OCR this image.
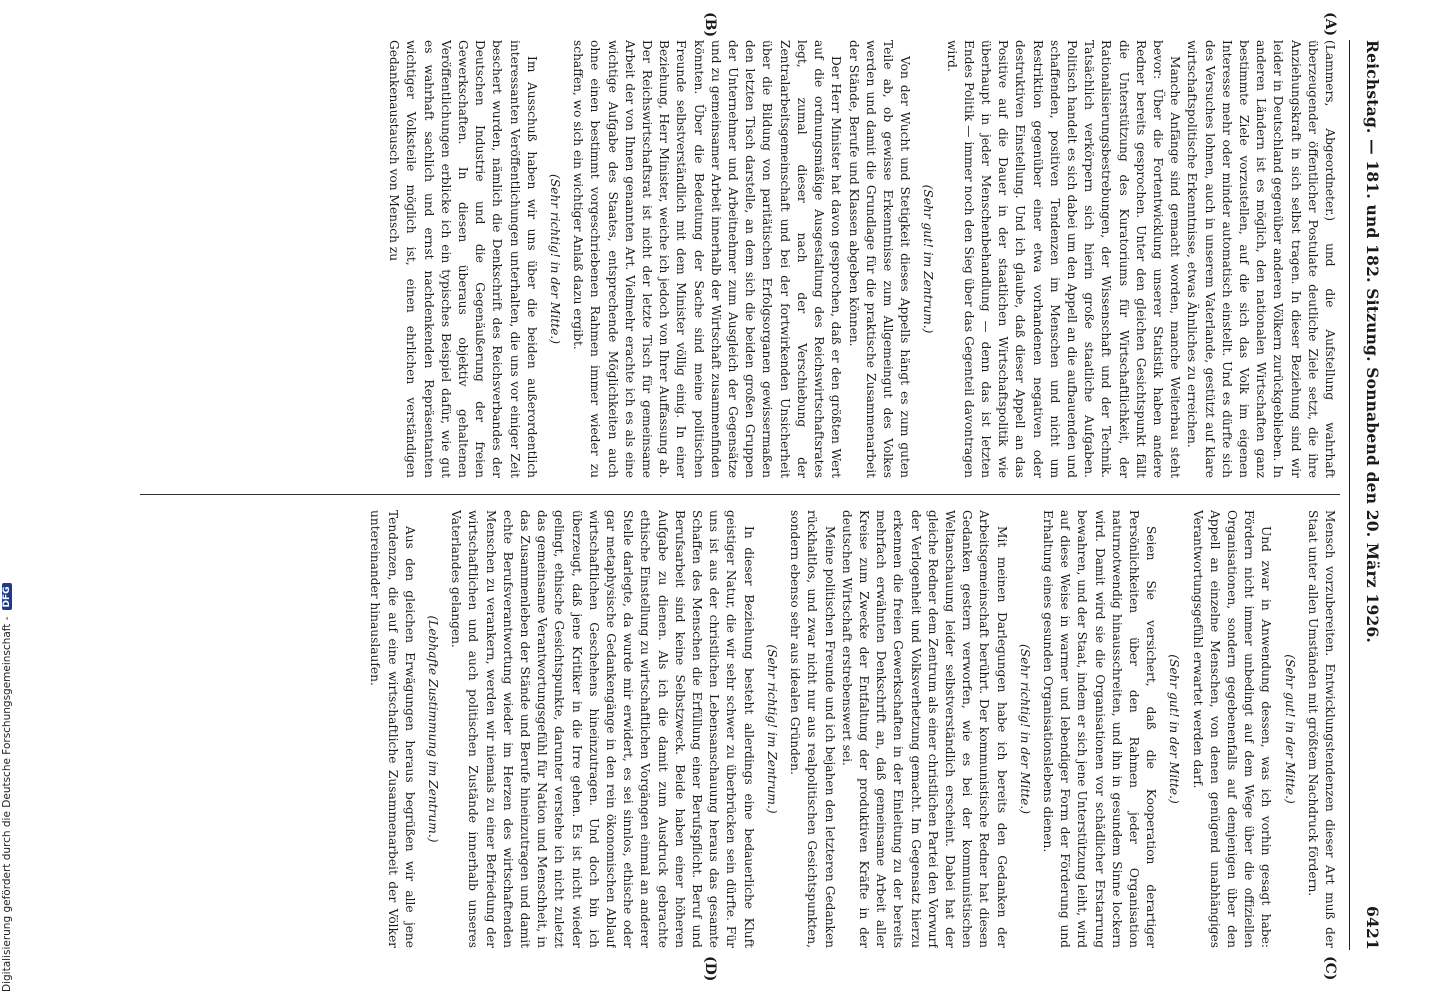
Reichstag. — 181. und 182. Sitzung. Sonnabend den 20. März 1926.
6421
(A)
(B)
(C)
(D)

(Lammers, Abgeordneter.) und die Aufstellung wahrhaft überzeugender öffentlicher Postulate deutliche Ziele setzt, die ihre Anziehungskraft in sich selbst tragen. In dieser Beziehung sind wir leider in Deutschland gegenüber anderen Völkern zurückgeblieben. In anderen Ländern ist es möglich, den nationalen Wirtschaften ganz bestimmte Ziele vorzustellen, auf die sich das Volk im eigenen Interesse mehr oder minder automatisch einstellt. Und es dürfte sich des Versuches lohnen, auch in unserem Vaterlande, gestützt auf klare wirtschaftspolitische Erkenntnisse, etwas Ähnliches zu erreichen.

Manche Anfänge sind gemacht worden, manche Weiterbau steht bevor: Über die Fortentwicklung unserer Statistik haben andere Redner bereits gesprochen. Unter den gleichen Gesichtspunkt fällt die Unterstützung des Kuratoriums für Wirtschaftlichkeit, der Rationalisierungsbestrebungen, der Wissenschaft und der Technik. Tatsächlich verkörpern sich hierin große staatliche Aufgaben. Politisch handelt es sich dabei um den Appell an die aufbauenden und schaffenden, positiven Tendenzen im Menschen und nicht um Restriktion gegenüber einer etwa vorhandenen negativen oder destruktiven Einstellung. Und ich glaube, daß dieser Appell an das Positive auf die Dauer in der staatlichen Wirtschaftspolitik wie überhaupt in jeder Menschenbehandlung — denn das ist letzten Endes Politik — immer noch den Sieg über das Gegenteil davontragen wird.

(Sehr gut! im Zentrum.)

Von der Wucht und Stetigkeit dieses Appells hängt es zum guten Teile ab, ob gewisse Erkenntnisse zum Allgemeingut des Volkes werden und damit die Grundlage für die praktische Zusammenarbeit der Stände, Berufe und Klassen abgeben können.

Der Herr Minister hat davon gesprochen, daß er den größten Wert auf die ordnungsmäßige Ausgestaltung des Reichswirtschaftsrates legt, zumal dieser nach der Verschiebung der Zentralarbeitsgemeinschaft und bei der fortwirkenden Unsicherheit über die Bildung von paritätischen Erfolgsorganen gewissermaßen den letzten Tisch darstelle, an dem sich die beiden großen Gruppen der Unternehmer und Arbeitnehmer zum Ausgleich der Gegensätze und zu gemeinsamer Arbeit innerhalb der Wirtschaft zusammenfinden könnten. Über die Bedeutung der Sache sind meine politischen Freunde selbstverständlich mit dem Minister völlig einig. In einer Beziehung, Herr Minister, weiche ich jedoch von Ihrer Auffassung ab. Der Reichswirtschaftsrat ist nicht der letzte Tisch für gemeinsame Arbeit der von Ihnen genannten Art. Vielmehr erachte ich es als eine wichtige Aufgabe des Staates, entsprechende Möglichkeiten auch ohne einen bestimmt vorgeschriebenen Rahmen immer wieder zu schaffen, wo sich ein wichtiger Anlaß dazu ergibt.

(Sehr richtig! in der Mitte.)

Im Ausschuß haben wir uns über die beiden außerordentlich interessanten Veröffentlichungen unterhalten, die uns vor einiger Zeit beschert wurden, nämlich die Denkschrift des Reichsverbandes der Deutschen Industrie und die Gegenäußerung der freien Gewerkschaften. In diesen überaus objektiv gehaltenen Veröffentlichungen erblicke ich ein typisches Beispiel dafür, wie gut es wahrhaft sachlich und ernst nachdenkenden Repräsentanten wichtiger Volksteile möglich ist, einen ehrlichen verständigen Gedankenaustausch von Mensch zu

Mensch vorzubereiten. Entwicklungstendenzen dieser Art muß der Staat unter allen Umständen mit größtem Nachdruck fördern.

(Sehr gut! in der Mitte.)

Und zwar in Anwendung dessen, was ich vorhin gesagt habe: Fördern nicht immer unbedingt auf dem Wege über die offiziellen Organisationen, sondern gegebenenfalls auf demjenigen über den Appell an einzelne Menschen, von denen genügend unabhängiges Verantwortungsgefühl erwartet werden darf.

(Sehr gut! in der Mitte.)

Seien Sie versichert, daß die Kooperation derartiger Persönlichkeiten über den Rahmen jeder Organisation naturnotwendig hinausschreiten, und ihn in gesundem Sinne lockern wird. Damit wird sie die Organisationen vor schädlicher Erstarrung bewahren, und der Staat, indem er sich jene Unterstützung leiht, wird auf diese Weise in warmer und lebendiger Form der Förderung und Erhaltung eines gesunden Organisationslebens dienen.

(Sehr richtig! in der Mitte.)

Mit meinen Darlegungen habe ich bereits den Gedanken der Arbeitsgemeinschaft berührt. Der kommunistische Redner hat diesen Gedanken gestern verworfen, wie es bei der kommunistischen Weltanschauung leider selbstverständlich erscheint. Dabei hat der gleiche Redner dem Zentrum als einer christlichen Partei den Vorwurf der Verlogenheit und Volksverhetzung gemacht. Im Gegensatz hierzu erkennen die freien Gewerkschaften in der Einleitung zu der bereits mehrfach erwähnten Denkschrift an, daß gemeinsame Arbeit aller Kreise zum Zwecke der Entfaltung der produktiven Kräfte in der deutschen Wirtschaft erstrebenswert sei.

Meine politischen Freunde und ich bejahen den letzteren Gedanken rückhaltlos, und zwar nicht nur aus realpolitischen Gesichtspunkten, sondern ebenso sehr aus idealen Gründen.

(Sehr richtig! im Zentrum.)

In dieser Beziehung besteht allerdings eine bedauerliche Kluft geistiger Natur, die wir sehr schwer zu überbrücken sein dürfte. Für uns ist aus der christlichen Lebensanschauung heraus das gesamte Schaffen des Menschen die Erfüllung einer Berufspflicht. Beruf und Berufsarbeit sind keine Selbstzweck. Beide haben einer höheren Aufgabe zu dienen. Als ich die damit zum Ausdruck gebrachte ethische Einstellung zu wirtschaftlichen Vorgängen einmal an anderer Stelle darlegte, da wurde mir erwidert, es sei sinnlos, ethische oder gar metaphysische Gedankengänge in den rein ökonomischen Ablauf wirtschaftlichen Geschehens hineinzutragen. Und doch bin ich überzeugt, daß jene Kritiker in die Irre gehen. Es ist nicht wieder gelingt, ethische Gesichtspunkte, darunter verstehe ich nicht zuletzt das gemeinsame Verantwortungsgefühl für Nation und Menschheit, in das Zusammenleben der Stände und Berufe hineinzutragen und damit echte Berufsverantwortung wieder im Herzen des wirtschaftenden Menschen zu verankern, werden wir niemals zu einer Befriedung der wirtschaftlichen und auch politischen Zustände innerhalb unseres Vaterlandes gelangen.

(Lebhafte Zustimmung im Zentrum.)

Aus den gleichen Erwägungen heraus begrüßen wir alle jene Tendenzen, die auf eine wirtschaftliche Zusammenarbeit der Völker untereinander hinauslaufen.

Digitalisierung gefördert durch die Deutsche Forschungsgemeinschaft -
DFG
